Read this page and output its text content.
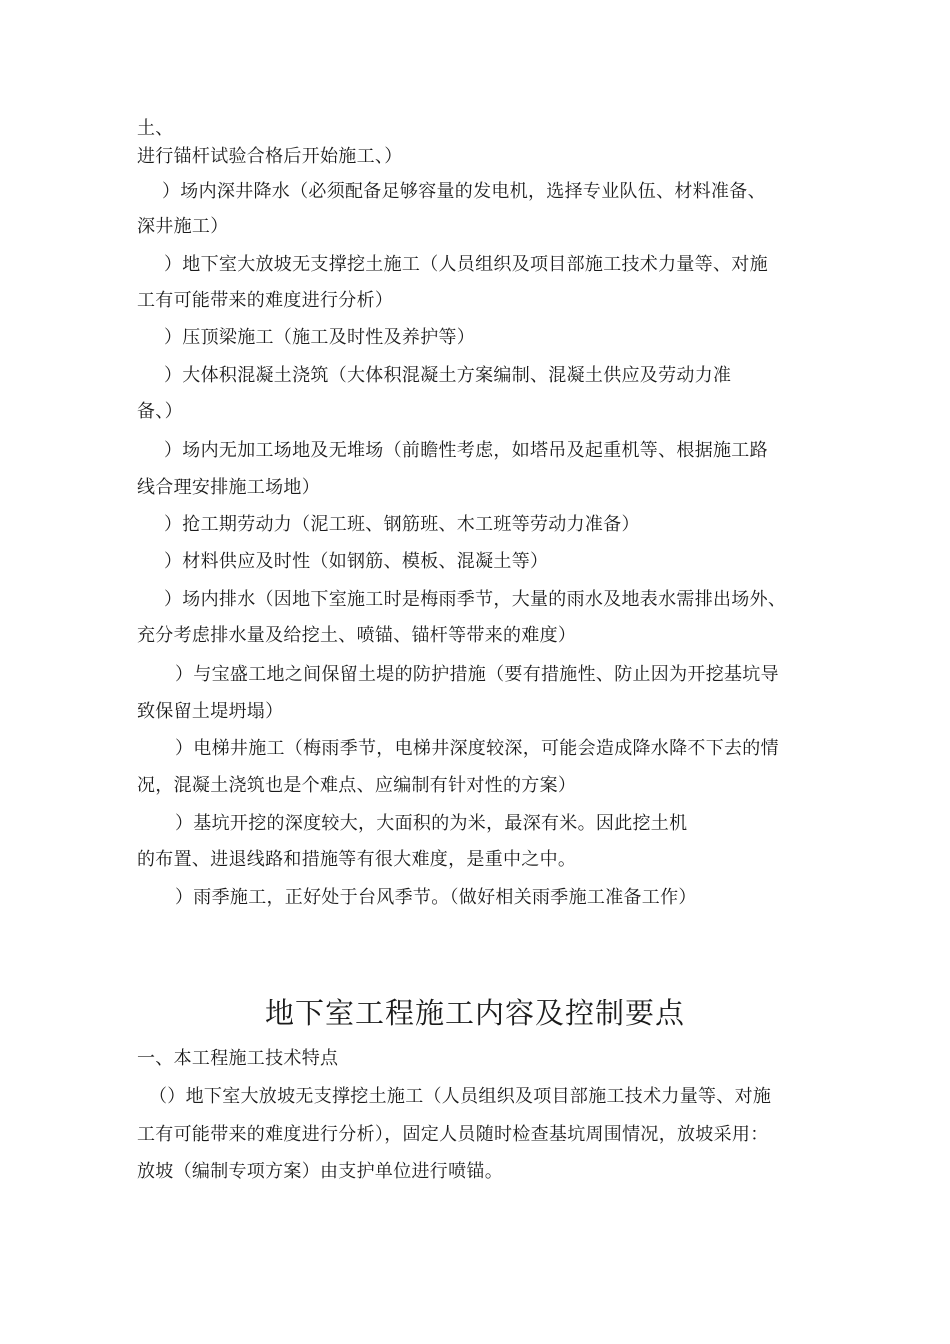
土、
进行锚杆试验合格后开始施工、）
）场内深井降水（必须配备足够容量的发电机，选择专业队伍、材料准备、
深井施工）
）地下室大放坡无支撑挖土施工（人员组织及项目部施工技术力量等、对施
工有可能带来的难度进行分析）
）压顶梁施工（施工及时性及养护等）
）大体积混凝土浇筑（大体积混凝土方案编制、混凝土供应及劳动力准
备、）
）场内无加工场地及无堆场（前瞻性考虑，如塔吊及起重机等、根据施工路
线合理安排施工场地）
）抢工期劳动力（泥工班、钢筋班、木工班等劳动力准备）
）材料供应及时性（如钢筋、模板、混凝土等）
）场内排水（因地下室施工时是梅雨季节，大量的雨水及地表水需排出场外、
充分考虑排水量及给挖土、喷锚、锚杆等带来的难度）
）与宝盛工地之间保留土堤的防护措施（要有措施性、防止因为开挖基坑导
致保留土堤坍塌）
）电梯井施工（梅雨季节，电梯井深度较深，可能会造成降水降不下去的情
况，混凝土浇筑也是个难点、应编制有针对性的方案）
）基坑开挖的深度较大，大面积的为米，最深有米。因此挖土机
的布置、进退线路和措施等有很大难度，是重中之中。
）雨季施工，正好处于台风季节。（做好相关雨季施工准备工作）
地下室工程施工内容及控制要点
一、本工程施工技术特点
（）地下室大放坡无支撑挖土施工（人员组织及项目部施工技术力量等、对施
工有可能带来的难度进行分析），固定人员随时检查基坑周围情况，放坡采用：
放坡（编制专项方案）由支护单位进行喷锚。
